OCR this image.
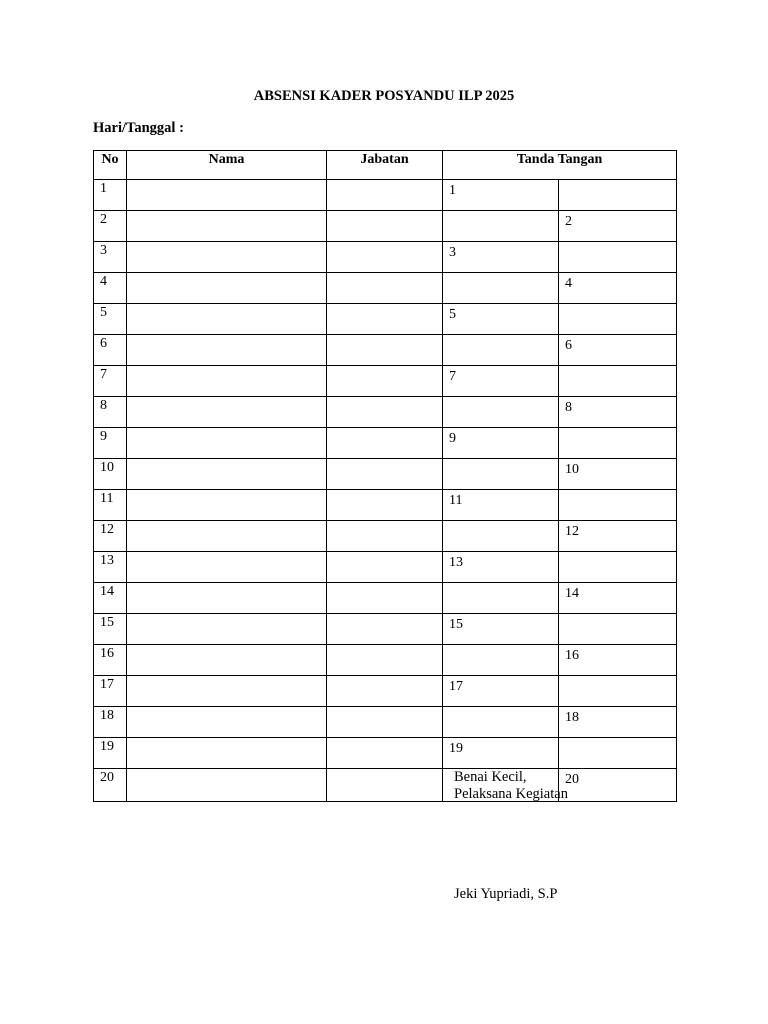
ABSENSI KADER POSYANDU ILP 2025
Hari/Tanggal :
No	Nama	Jabatan	Tanda Tangan	
1			1	
2				2
3			3	
4				4
5			5	
6				6
7			7	
8				8
9			9	
10				10
11			11	
12				12
13			13	
14				14
15			15	
16				16
17			17	
18				18
19			19	
20				20
Benai Kecil,
Pelaksana Kegiatan
Jeki Yupriadi, S.P
